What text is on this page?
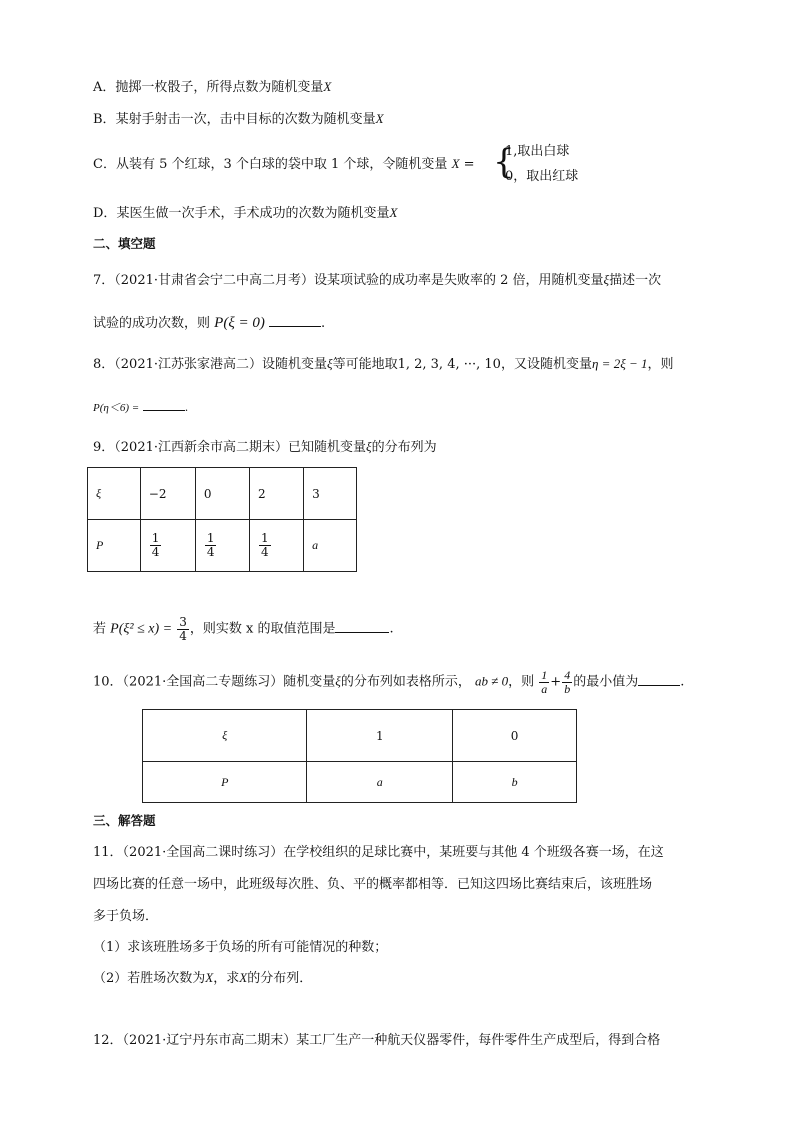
A．抛掷一枚骰子，所得点数为随机变量X
B．某射手射击一次，击中目标的次数为随机变量X
C．从装有 5 个红球，3 个白球的袋中取 1 个球，令随机变量 X = {
1,取出白球
0，取出红球
D．某医生做一次手术，手术成功的次数为随机变量X
二、填空题
7．（2021·甘肃省会宁二中高二月考）设某项试验的成功率是失败率的 2 倍，用随机变量ξ描述一次
试验的成功次数，则 P(ξ = 0)	.
8．（2021·江苏张家港高二）设随机变量ξ等可能地取1, 2, 3, 4, ···, 10，又设随机变量η = 2ξ − 1，则
P(η＜6) =	.
9．（2021·江西新余市高二期末）已知随机变量ξ的分布列为
ξ	−2	0	2	3
P	$\frac{1}{4}$	$\frac{1}{4}$	$\frac{1}{4}$	a
若 $P(\xi^2 \le x) = \frac{3}{4}$ ，则实数 x 的取值范围是	.
10．（2021·全国高二专题练习）随机变量ξ的分布列如表格所示， ab ≠ 0，则 $\frac{1}{a} + \frac{4}{b}$ 的最小值为	.
ξ	1	0
P	a	b
三、解答题
11．（2021·全国高二课时练习）在学校组织的足球比赛中，某班要与其他 4 个班级各赛一场，在这
四场比赛的任意一场中，此班级每次胜、负、平的概率都相等．已知这四场比赛结束后，该班胜场
多于负场．
（1）求该班胜场多于负场的所有可能情况的种数；
（2）若胜场次数为X，求X的分布列．
12．（2021·辽宁丹东市高二期末）某工厂生产一种航天仪器零件，每件零件生产成型后，得到合格
